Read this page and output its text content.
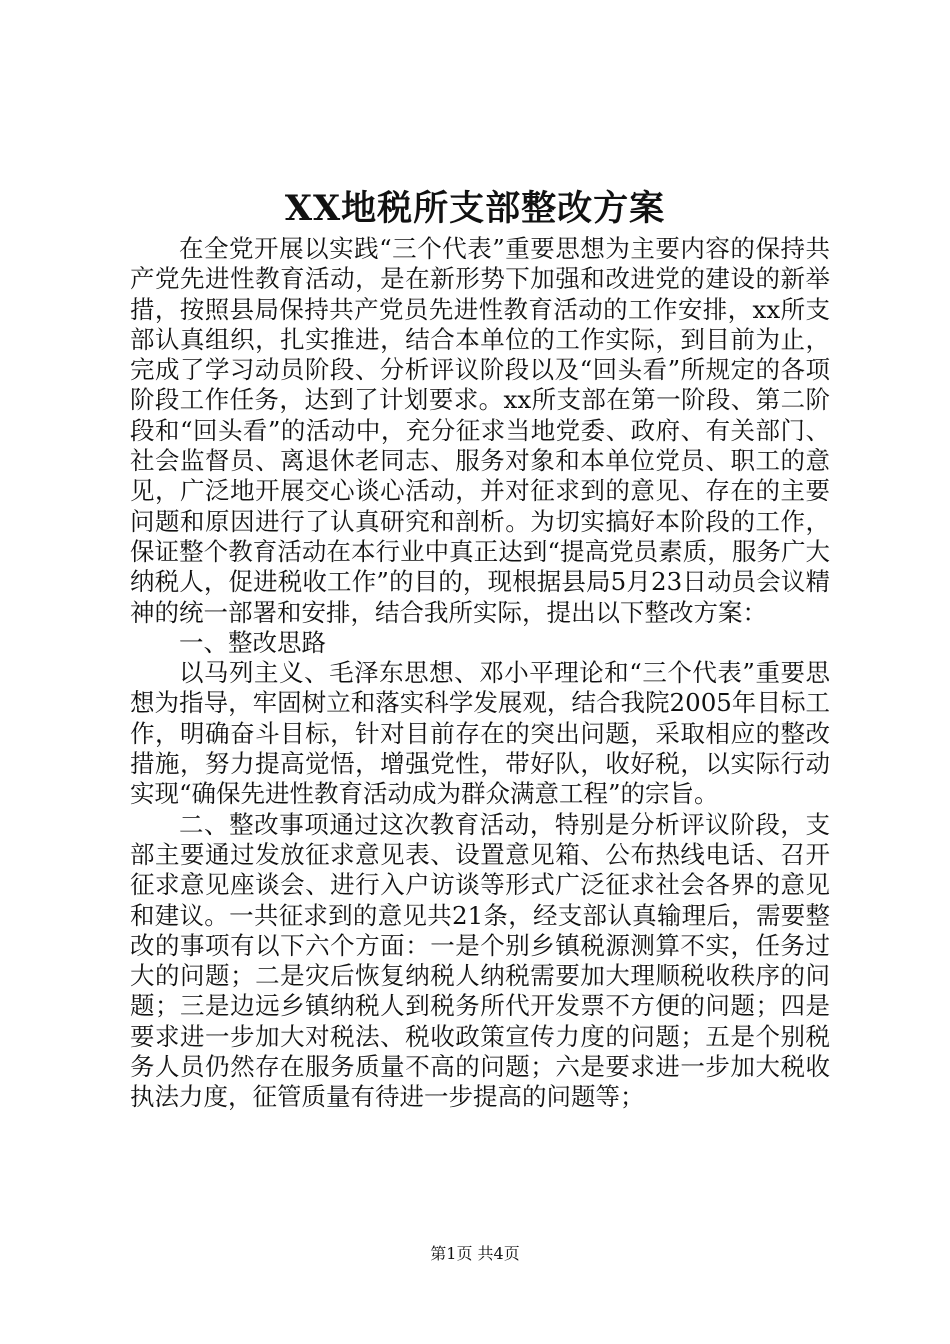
XX地税所支部整改方案

在全党开展以实践“三个代表”重要思想为主要内容的保持共产党先进性教育活动，是在新形势下加强和改进党的建设的新举措，按照县局保持共产党员先进性教育活动的工作安排，xx所支部认真组织，扎实推进，结合本单位的工作实际，到目前为止，完成了学习动员阶段、分析评议阶段以及“回头看”所规定的各项阶段工作任务，达到了计划要求。xx所支部在第一阶段、第二阶段和“回头看”的活动中，充分征求当地党委、政府、有关部门、社会监督员、离退休老同志、服务对象和本单位党员、职工的意见，广泛地开展交心谈心活动，并对征求到的意见、存在的主要问题和原因进行了认真研究和剖析。为切实搞好本阶段的工作，保证整个教育活动在本行业中真正达到“提高党员素质，服务广大纳税人，促进税收工作”的目的，现根据县局5月23日动员会议精神的统一部署和安排，结合我所实际，提出以下整改方案：

一、整改思路

以马列主义、毛泽东思想、邓小平理论和“三个代表”重要思想为指导，牢固树立和落实科学发展观，结合我院2005年目标工作，明确奋斗目标，针对目前存在的突出问题，采取相应的整改措施，努力提高觉悟，增强党性，带好队，收好税，以实际行动实现“确保先进性教育活动成为群众满意工程”的宗旨。

二、整改事项通过这次教育活动，特别是分析评议阶段，支部主要通过发放征求意见表、设置意见箱、公布热线电话、召开征求意见座谈会、进行入户访谈等形式广泛征求社会各界的意见和建议。一共征求到的意见共21条，经支部认真输理后，需要整改的事项有以下六个方面：一是个别乡镇税源测算不实，任务过大的问题；二是灾后恢复纳税人纳税需要加大理顺税收秩序的问题；三是边远乡镇纳税人到税务所代开发票不方便的问题；四是要求进一步加大对税法、税收政策宣传力度的问题；五是个别税务人员仍然存在服务质量不高的问题；六是要求进一步加大税收执法力度，征管质量有待进一步提高的问题等；

第1页 共4页
